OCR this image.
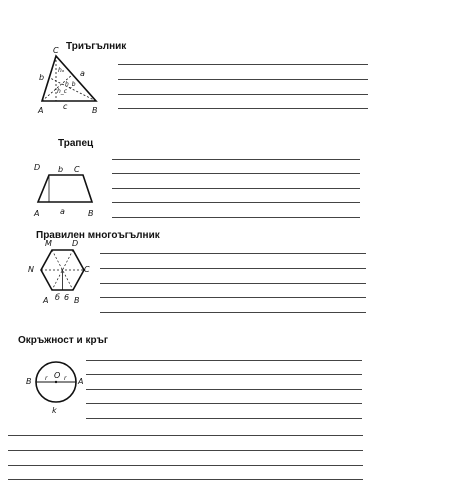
Триъгълник
C
A	B
b	a
c
hₐ
h_b
h_c
Трапец
D b C
A	a	B
Правилен многоъгълник
M	D
N	C
A б 6 B
Окръжност и кръг
B
O
r	r A
k
